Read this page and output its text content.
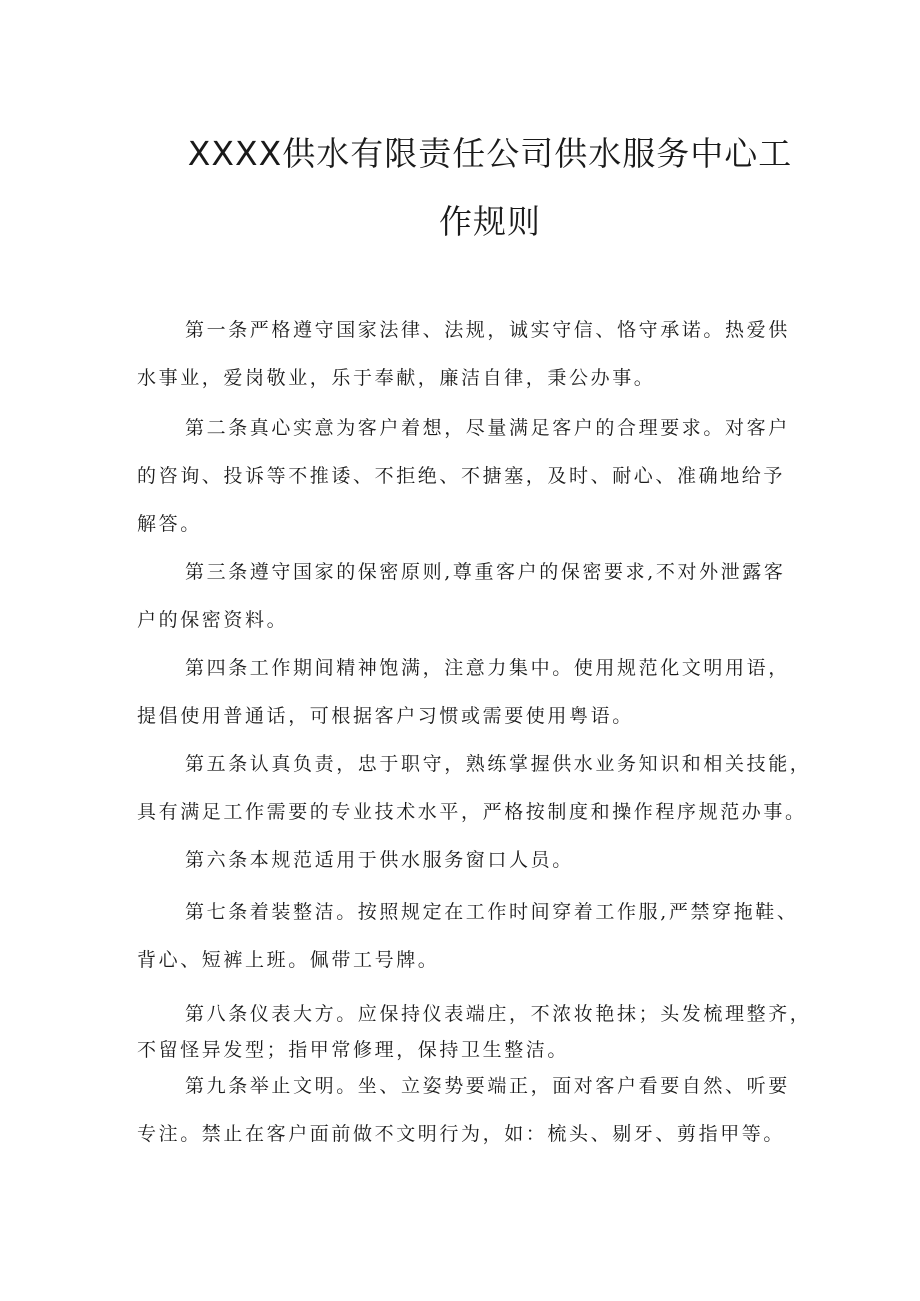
XXXX供水有限责任公司供水服务中心工
作规则
第一条严格遵守国家法律、法规，诚实守信、恪守承诺。热爱供
水事业，爱岗敬业，乐于奉献，廉洁自律，秉公办事。
第二条真心实意为客户着想，尽量满足客户的合理要求。对客户
的咨询、投诉等不推诿、不拒绝、不搪塞，及时、耐心、准确地给予
解答。
第三条遵守国家的保密原则,尊重客户的保密要求,不对外泄露客
户的保密资料。
第四条工作期间精神饱满，注意力集中。使用规范化文明用语，
提倡使用普通话，可根据客户习惯或需要使用粤语。
第五条认真负责，忠于职守，熟练掌握供水业务知识和相关技能，
具有满足工作需要的专业技术水平，严格按制度和操作程序规范办事。
第六条本规范适用于供水服务窗口人员。
第七条着装整洁。按照规定在工作时间穿着工作服,严禁穿拖鞋、
背心、短裤上班。佩带工号牌。
第八条仪表大方。应保持仪表端庄，不浓妆艳抹；头发梳理整齐，
不留怪异发型；指甲常修理，保持卫生整洁。
第九条举止文明。坐、立姿势要端正，面对客户看要自然、听要
专注。禁止在客户面前做不文明行为，如：梳头、剔牙、剪指甲等。
